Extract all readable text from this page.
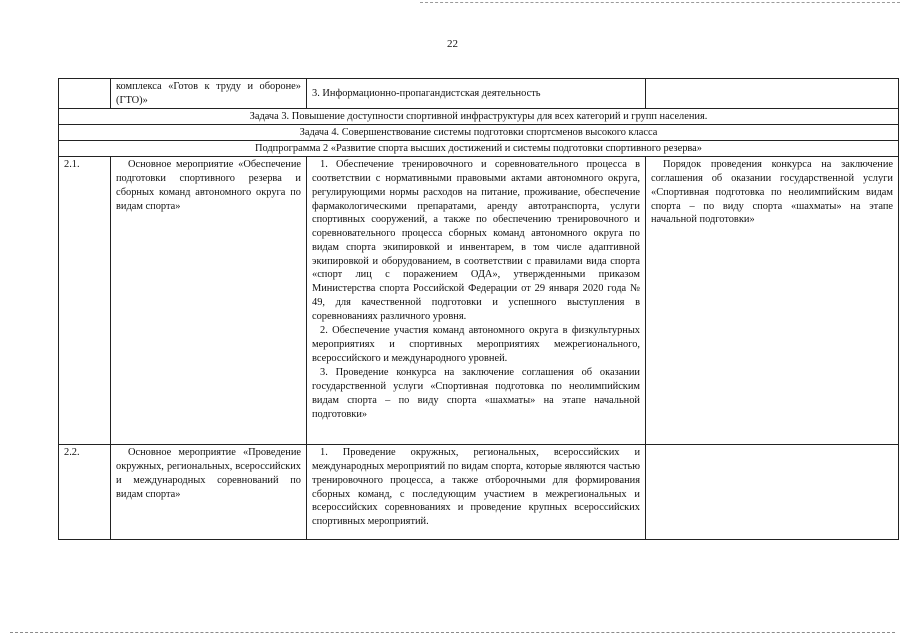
22
	комплекса «Готов к труду и обороне» (ГТО)»	3. Информационно-пропагандистская деятельность	
Задача 3. Повышение доступности спортивной инфраструктуры для всех категорий и групп населения.			
Задача 4. Совершенствование системы подготовки спортсменов высокого класса			
Подпрограмма 2 «Развитие спорта высших достижений и системы подготовки спортивного резерва»			
2.1.	Основное мероприятие «Обеспечение подготовки спортивного резерва и сборных команд автономного округа по видам спорта»	1. Обеспечение тренировочного и соревновательного процесса в соответствии с нормативными правовыми актами автономного округа, регулирующими нормы расходов на питание, проживание, обеспечение фармакологическими препаратами, аренду автотранспорта, услуги спортивных сооружений, а также по обеспечению тренировочного и соревновательного процесса сборных команд автономного округа по видам спорта экипировкой и инвентарем, в том числе адаптивной экипировкой и оборудованием, в соответствии с правилами вида спорта «спорт лиц с поражением ОДА», утвержденными приказом Министерства спорта Российской Федерации от 29 января 2020 года № 49, для качественной подготовки и успешного выступления в соревнованиях различного уровня.

2. Обеспечение участия команд автономного округа в физкультурных мероприятиях и спортивных мероприятиях межрегионального, всероссийского и международного уровней.

3. Проведение конкурса на заключение соглашения об оказании государственной услуги «Спортивная подготовка по неолимпийским видам спорта – по виду спорта «шахматы» на этапе начальной подготовки»	Порядок проведения конкурса на заключение соглашения об оказании государственной услуги «Спортивная подготовка по неолимпийским видам спорта – по виду спорта «шахматы» на этапе начальной подготовки»

2.2.	Основное мероприятие «Проведение окружных, региональных, всероссийских и международных соревнований по видам спорта»	1. Проведение окружных, региональных, всероссийских и международных мероприятий по видам спорта, которые являются частью тренировочного процесса, а также отборочными для формирования сборных команд, с последующим участием в межрегиональных и всероссийских соревнованиях и проведение крупных всероссийских спортивных мероприятий.	
